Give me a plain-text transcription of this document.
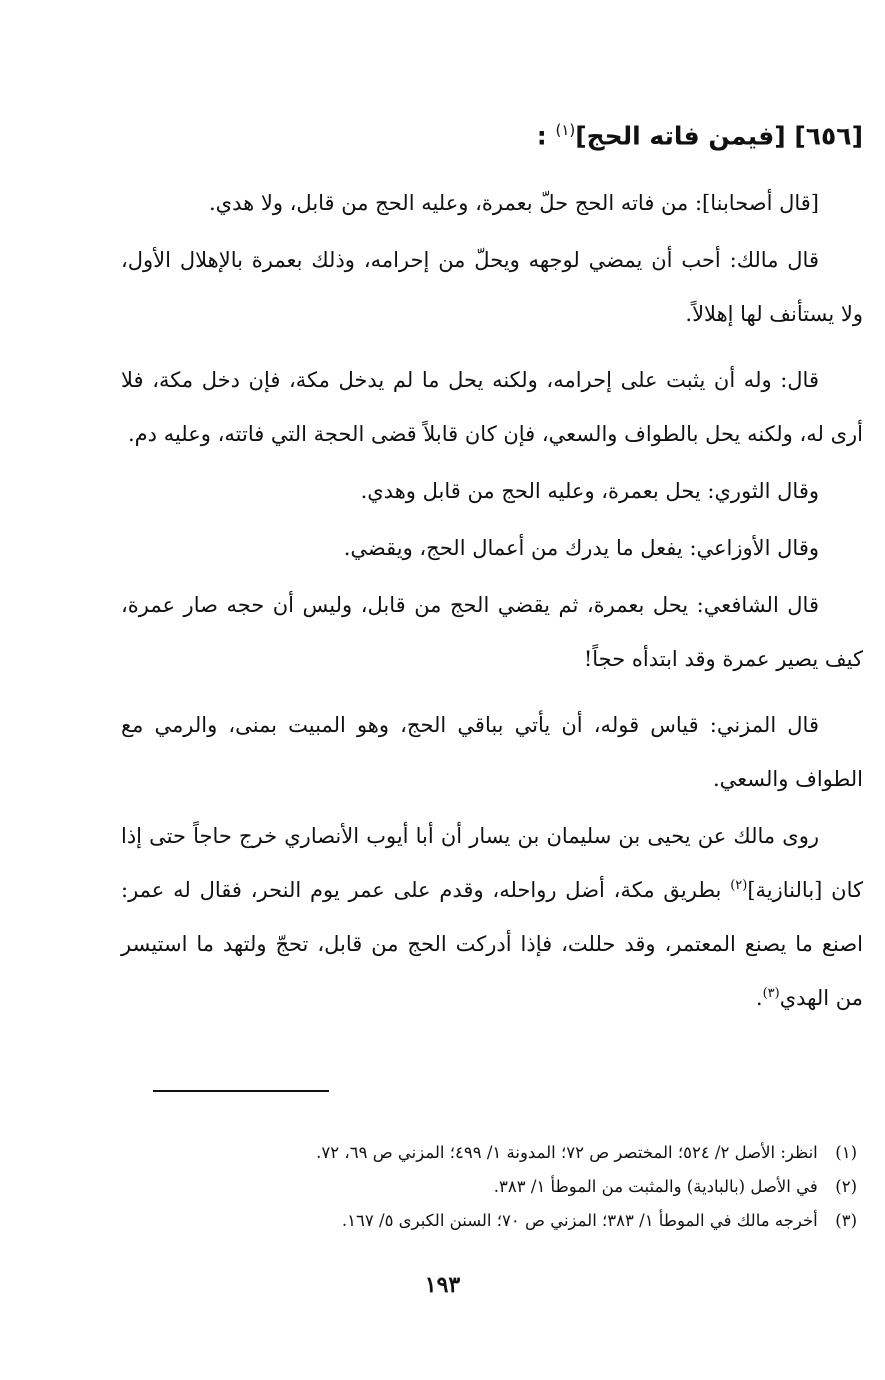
[٦٥٦] [فيمن فاته الحج]$^{(١)}$ :

[قال أصحابنا]: من فاته الحج حلّ بعمرة، وعليه الحج من قابل، ولا هدي.

قال مالك: أحب أن يمضي لوجهه ويحلّ من إحرامه، وذلك بعمرة بالإهلال الأول، ولا يستأنف لها إهلالاً.

قال: وله أن يثبت على إحرامه، ولكنه يحل ما لم يدخل مكة، فإن دخل مكة، فلا أرى له، ولكنه يحل بالطواف والسعي، فإن كان قابلاً قضى الحجة التي فاتته، وعليه دم.

وقال الثوري: يحل بعمرة، وعليه الحج من قابل وهدي.

وقال الأوزاعي: يفعل ما يدرك من أعمال الحج، ويقضي.

قال الشافعي: يحل بعمرة، ثم يقضي الحج من قابل، وليس أن حجه صار عمرة، كيف يصير عمرة وقد ابتدأه حجاً!

قال المزني: قياس قوله، أن يأتي بباقي الحج، وهو المبيت بمنى، والرمي مع الطواف والسعي.

روى مالك عن يحيى بن سليمان بن يسار أن أبا أيوب الأنصاري خرج حاجاً حتى إذا كان [بالنازية]$^{(٢)}$ بطريق مكة، أضل رواحله، وقدم على عمر يوم النحر، فقال له عمر: اصنع ما يصنع المعتمر، وقد حللت، فإذا أدركت الحج من قابل، تحجّ ولتهد ما استيسر من الهدي$^{(٣)}$.

(١) انظر: الأصل ٢/ ٥٢٤؛ المختصر ص ٧٢؛ المدونة ١/ ٤٩٩؛ المزني ص ٦٩، ٧٢.
(٢) في الأصل (بالبادية) والمثبت من الموطأ ١/ ٣٨٣.
(٣) أخرجه مالك في الموطأ ١/ ٣٨٣؛ المزني ص ٧٠؛ السنن الكبرى ٥/ ١٦٧.
١٩٣
